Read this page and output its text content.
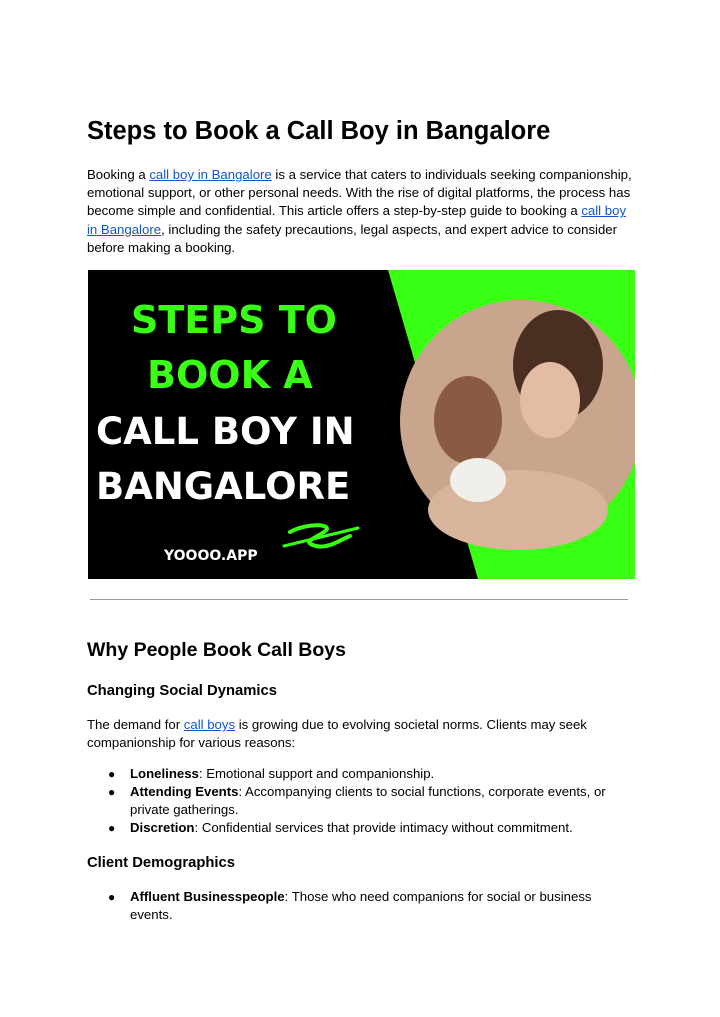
Steps to Book a Call Boy in Bangalore

Booking a call boy in Bangalore is a service that caters to individuals seeking companionship, emotional support, or other personal needs. With the rise of digital platforms, the process has become simple and confidential. This article offers a step-by-step guide to booking a call boy in Bangalore, including the safety precautions, legal aspects, and expert advice to consider before making a booking.

STEPS TO
BOOK A
CALL BOY IN
BANGALORE
YOOOO.APP
Why People Book Call Boys
Changing Social Dynamics

The demand for call boys is growing due to evolving societal norms. Clients may seek companionship for various reasons:

● Loneliness: Emotional support and companionship.
● Attending Events: Accompanying clients to social functions, corporate events, or private gatherings.
● Discretion: Confidential services that provide intimacy without commitment.
Client Demographics
● Affluent Businesspeople: Those who need companions for social or business events.
